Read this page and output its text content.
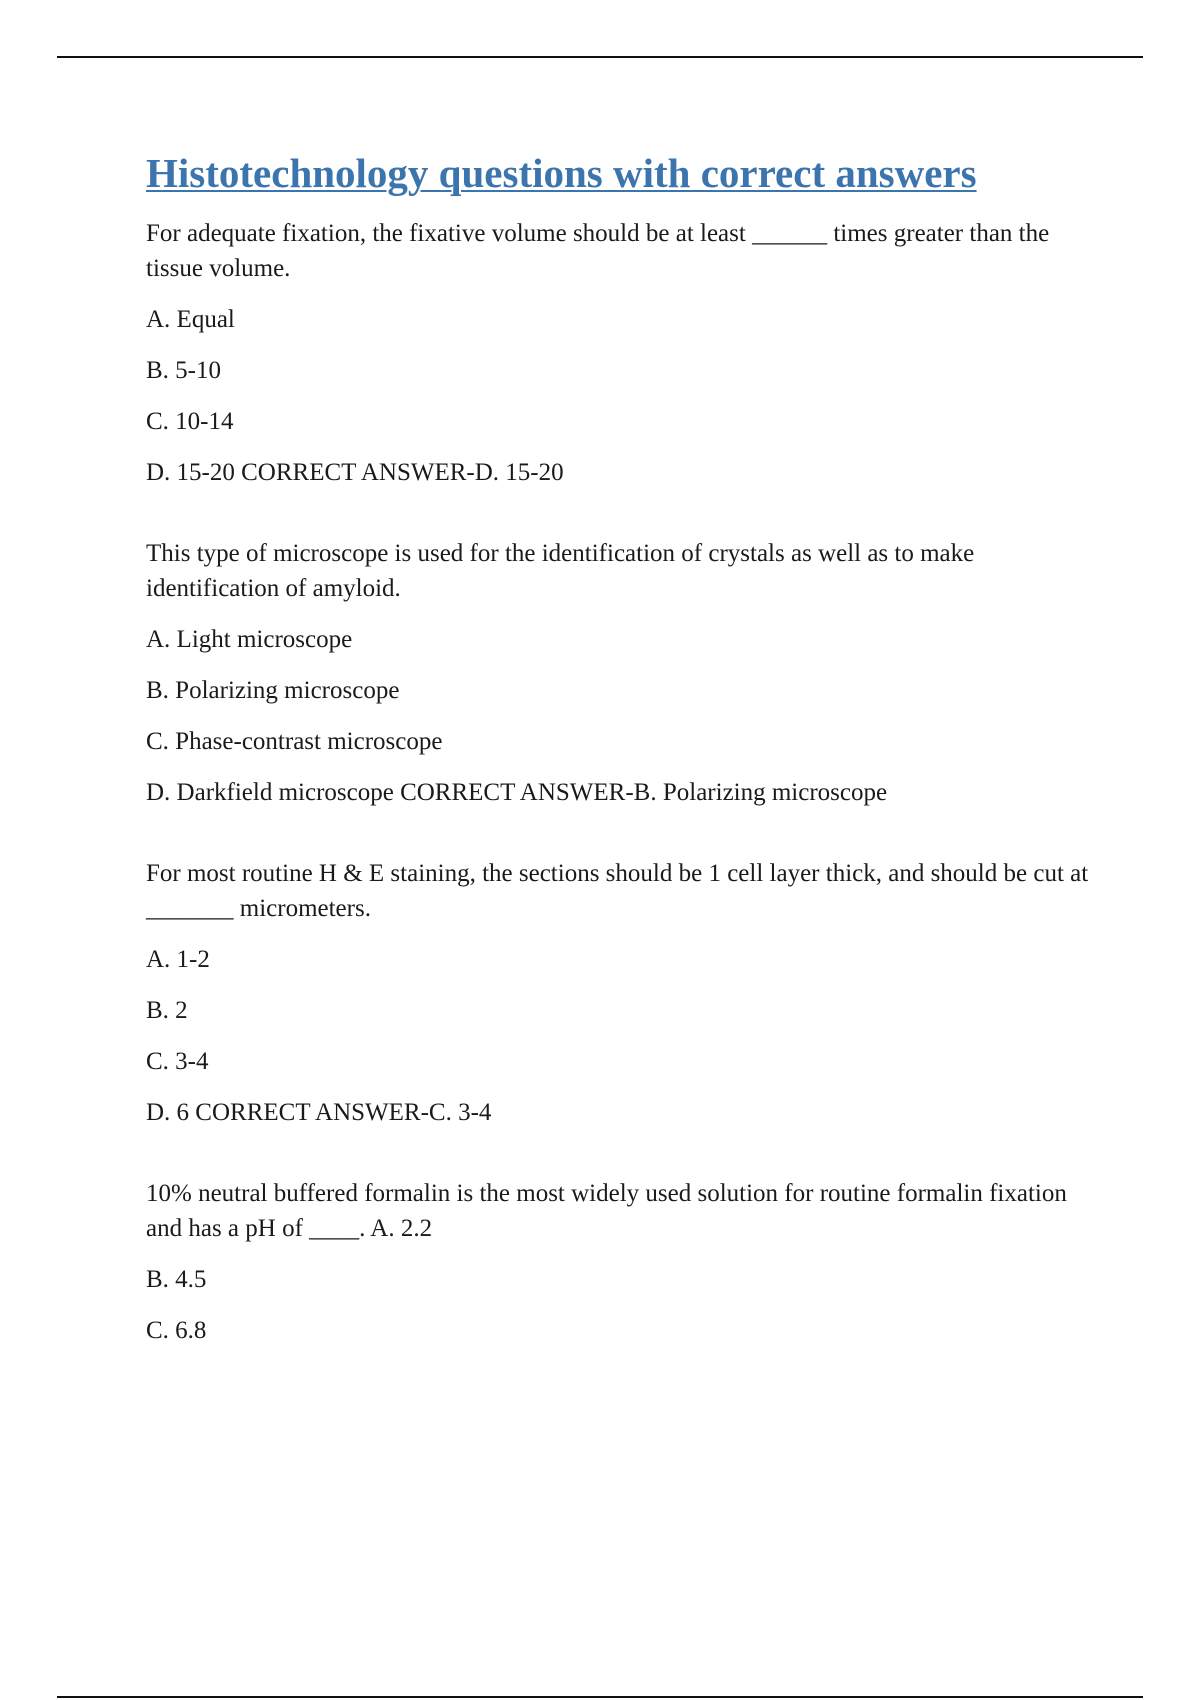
Histotechnology questions with correct answers

For adequate fixation, the fixative volume should be at least ______ times greater than the tissue volume.

A. Equal

B. 5-10

C. 10-14

D. 15-20 CORRECT ANSWER-D. 15-20

This type of microscope is used for the identification of crystals as well as to make identification of amyloid.

A. Light microscope

B. Polarizing microscope

C. Phase-contrast microscope

D. Darkfield microscope CORRECT ANSWER-B. Polarizing microscope

For most routine H & E staining, the sections should be 1 cell layer thick, and should be cut at _______ micrometers.

A. 1-2

B. 2

C. 3-4

D. 6 CORRECT ANSWER-C. 3-4

10% neutral buffered formalin is the most widely used solution for routine formalin fixation and has a pH of ____. A. 2.2

B. 4.5

C. 6.8
